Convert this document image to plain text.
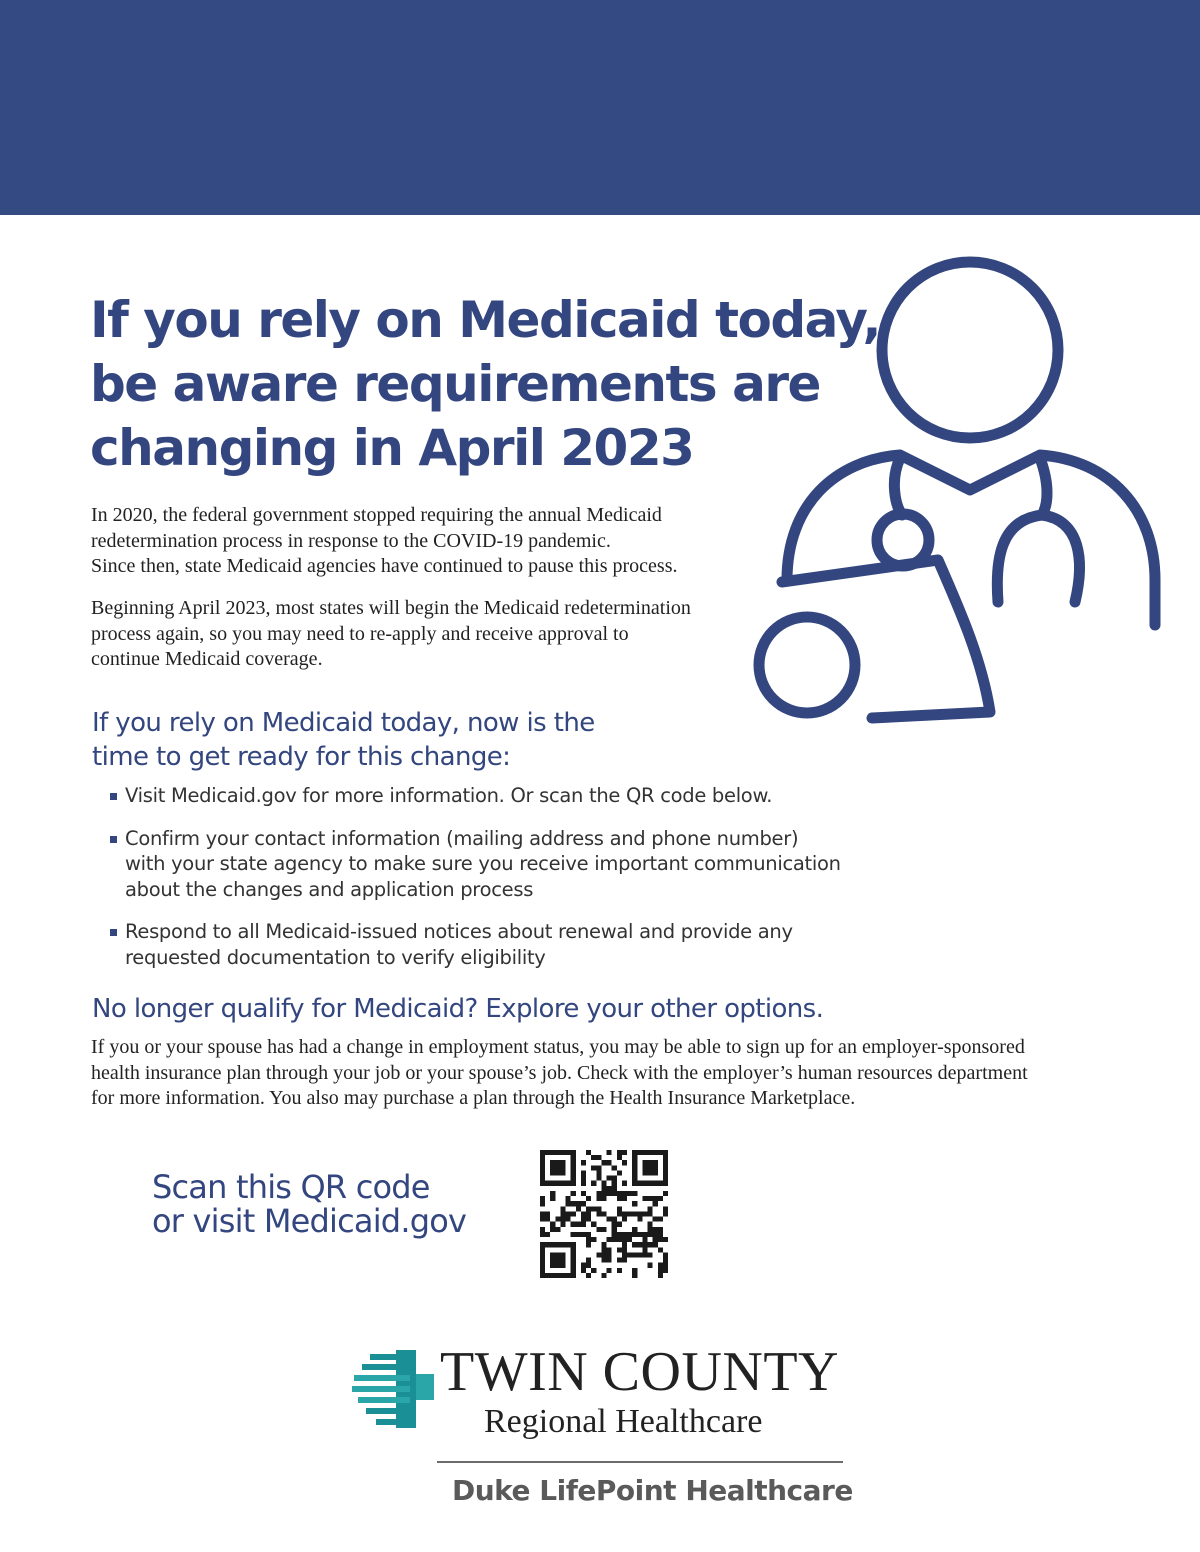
If you rely on Medicaid today,
be aware requirements are
changing in April 2023

In 2020, the federal government stopped requiring the annual Medicaid
redetermination process in response to the COVID-19 pandemic.
Since then, state Medicaid agencies have continued to pause this process.

Beginning April 2023, most states will begin the Medicaid redetermination
process again, so you may need to re-apply and receive approval to
continue Medicaid coverage.

If you rely on Medicaid today, now is the
time to get ready for this change:
Visit Medicaid.gov for more information. Or scan the QR code below.
Confirm your contact information (mailing address and phone number)
with your state agency to make sure you receive important communication
about the changes and application process
Respond to all Medicaid-issued notices about renewal and provide any
requested documentation to verify eligibility
No longer qualify for Medicaid? Explore your other options.

If you or your spouse has had a change in employment status, you may be able to sign up for an employer-sponsored
health insurance plan through your job or your spouse’s job. Check with the employer’s human resources department
for more information. You also may purchase a plan through the Health Insurance Marketplace.

Scan this QR code
or visit Medicaid.gov

TWIN COUNTY

Regional Healthcare

Duke LifePoint Healthcare
